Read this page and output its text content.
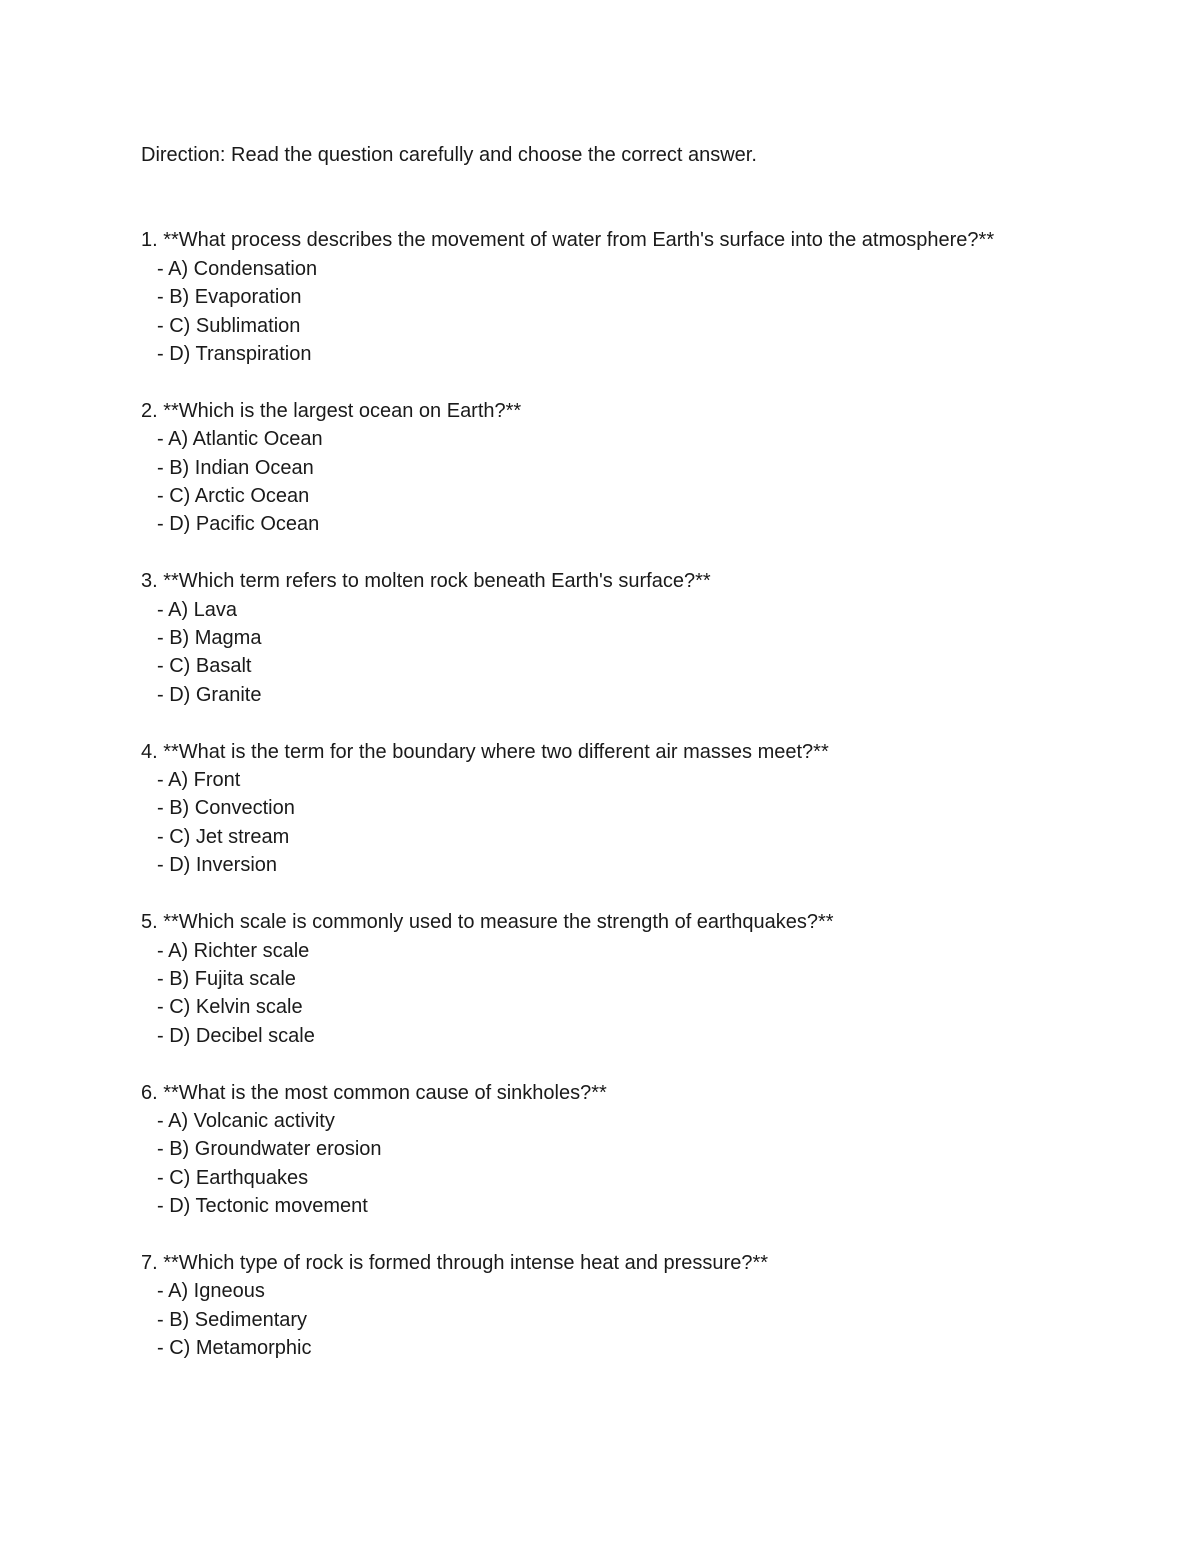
Direction: Read the question carefully and choose the correct answer.

1. **What process describes the movement of water from Earth's surface into the atmosphere?**

- A) Condensation
- B) Evaporation
- C) Sublimation
- D) Transpiration

2. **Which is the largest ocean on Earth?**

- A) Atlantic Ocean
- B) Indian Ocean
- C) Arctic Ocean
- D) Pacific Ocean

3. **Which term refers to molten rock beneath Earth's surface?**

- A) Lava
- B) Magma
- C) Basalt
- D) Granite

4. **What is the term for the boundary where two different air masses meet?**

- A) Front
- B) Convection
- C) Jet stream
- D) Inversion

5. **Which scale is commonly used to measure the strength of earthquakes?**

- A) Richter scale
- B) Fujita scale
- C) Kelvin scale
- D) Decibel scale

6. **What is the most common cause of sinkholes?**

- A) Volcanic activity
- B) Groundwater erosion
- C) Earthquakes
- D) Tectonic movement

7. **Which type of rock is formed through intense heat and pressure?**

- A) Igneous
- B) Sedimentary
- C) Metamorphic
